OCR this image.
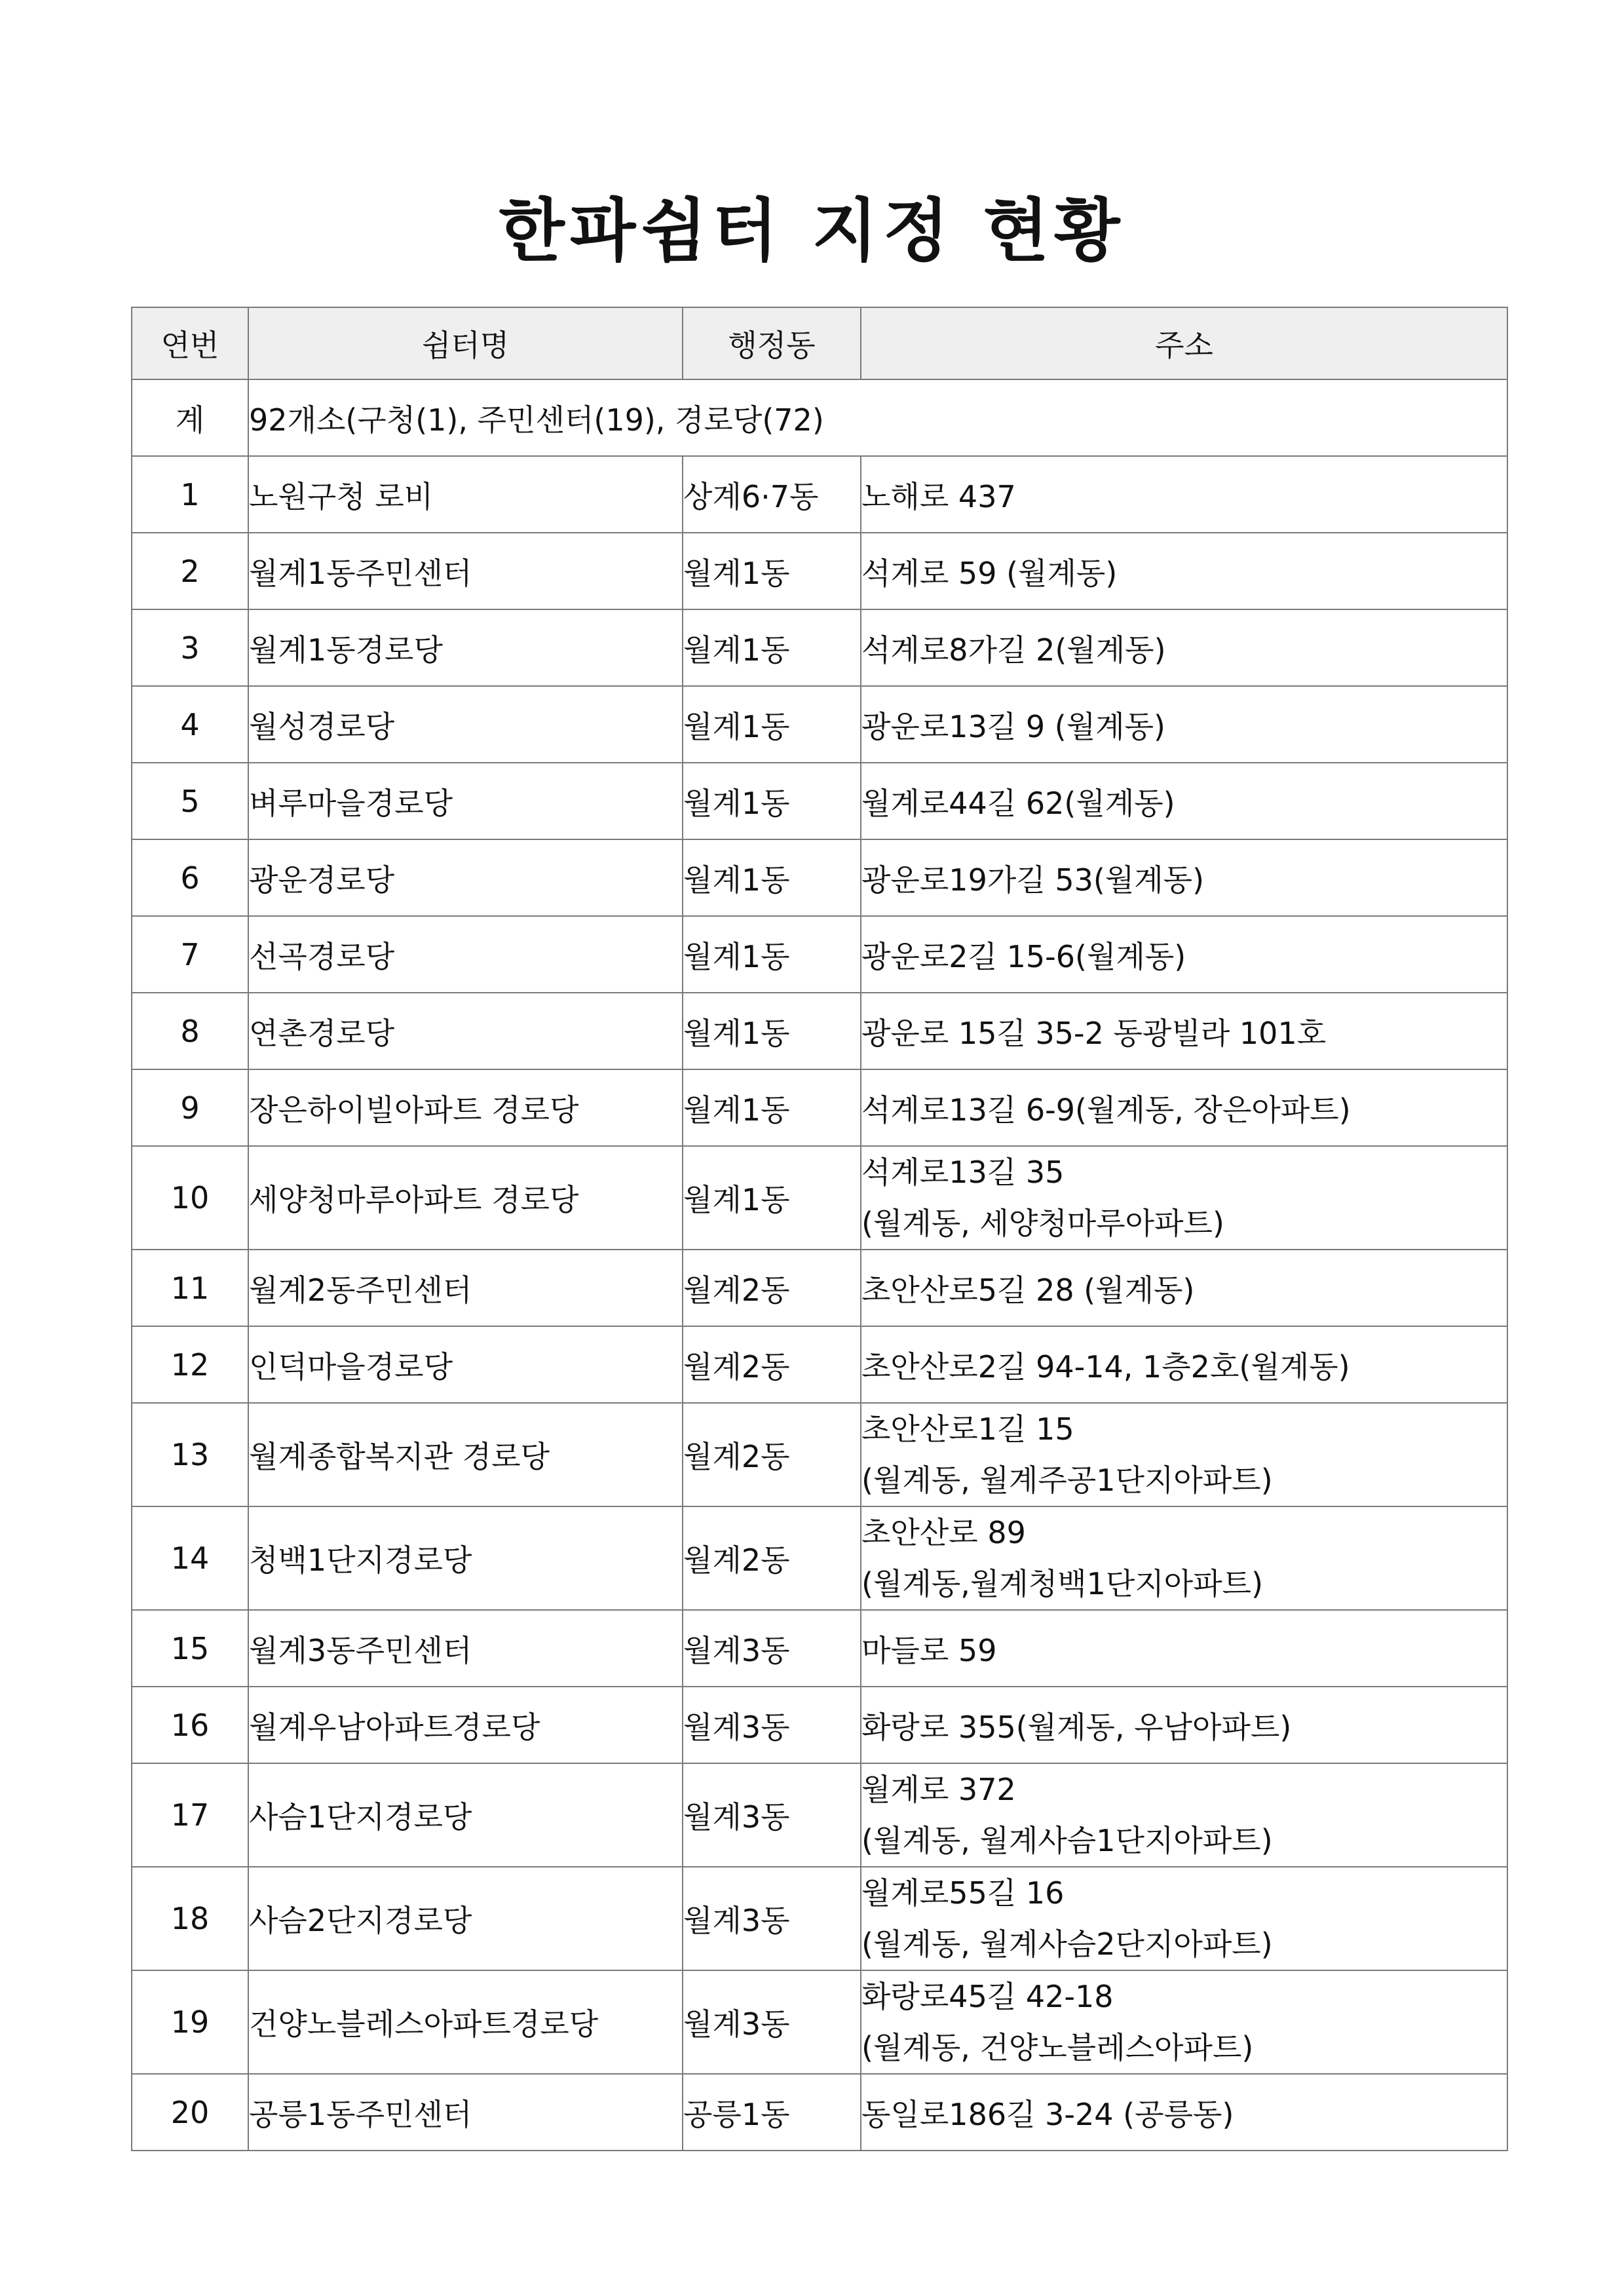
한파쉼터 지정 현황
연번	쉼터명	행정동	주소
계	92개소(구청(1), 주민센터(19), 경로당(72)		
1	노원구청 로비	상계6·7동	노해로 437

2	월계1동주민센터	월계1동	석계로 59 (월계동)

3	월계1동경로당	월계1동	석계로8가길 2(월계동)

4	월성경로당	월계1동	광운로13길 9 (월계동)

5	벼루마을경로당	월계1동	월계로44길 62(월계동)

6	광운경로당	월계1동	광운로19가길 53(월계동)

7	선곡경로당	월계1동	광운로2길 15-6(월계동)

8	연촌경로당	월계1동	광운로 15길 35-2 동광빌라 101호

9	장은하이빌아파트 경로당	월계1동	석계로13길 6-9(월계동, 장은아파트)

10	세양청마루아파트 경로당	월계1동	석계로13길 35
(월계동, 세양청마루아파트)

11	월계2동주민센터	월계2동	초안산로5길 28 (월계동)

12	인덕마을경로당	월계2동	초안산로2길 94-14, 1층2호(월계동)

13	월계종합복지관 경로당	월계2동	초안산로1길 15
(월계동, 월계주공1단지아파트)

14	청백1단지경로당	월계2동	초안산로 89
(월계동,월계청백1단지아파트)

15	월계3동주민센터	월계3동	마들로 59

16	월계우남아파트경로당	월계3동	화랑로 355(월계동, 우남아파트)

17	사슴1단지경로당	월계3동	월계로 372
(월계동, 월계사슴1단지아파트)

18	사슴2단지경로당	월계3동	월계로55길 16
(월계동, 월계사슴2단지아파트)

19	건양노블레스아파트경로당	월계3동	화랑로45길 42-18
(월계동, 건양노블레스아파트)

20	공릉1동주민센터	공릉1동	동일로186길 3-24 (공릉동)
